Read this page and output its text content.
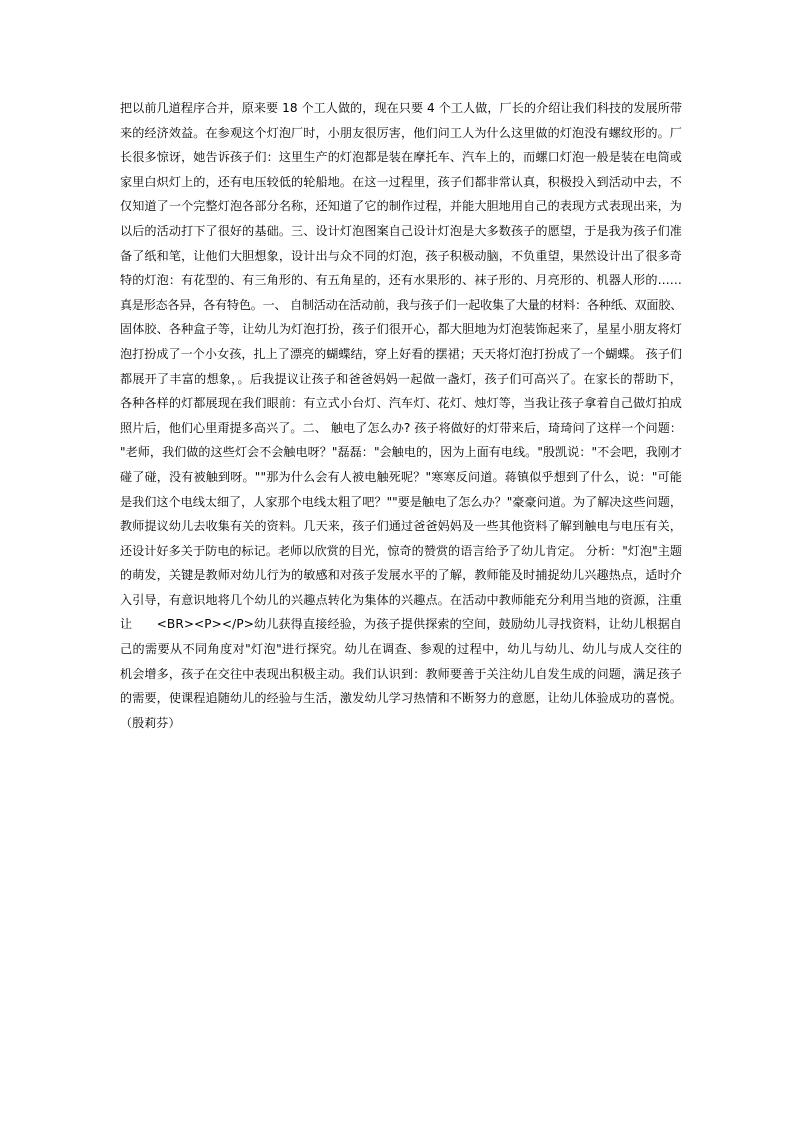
把以前几道程序合并，原来要 18 个工人做的，现在只要 4 个工人做，厂长的介绍让我们科技的发展所带
来的经济效益。在参观这个灯泡厂时，小朋友很厉害，他们问工人为什么这里做的灯泡没有螺纹形的。厂
长很多惊讶，她告诉孩子们：这里生产的灯泡都是装在摩托车、汽车上的，而螺口灯泡一般是装在电筒或
家里白炽灯上的，还有电压较低的轮船地。在这一过程里，孩子们都非常认真，积极投入到活动中去，不
仅知道了一个完整灯泡各部分名称，还知道了它的制作过程，并能大胆地用自己的表现方式表现出来，为
以后的活动打下了很好的基础。三、设计灯泡图案自己设计灯泡是大多数孩子的愿望，于是我为孩子们准
备了纸和笔，让他们大胆想象，设计出与众不同的灯泡，孩子积极动脑，不负重望，果然设计出了很多奇
特的灯泡：有花型的、有三角形的、有五角星的，还有水果形的、袜子形的、月亮形的、机器人形的……
真是形态各异，各有特色。一、 自制活动在活动前，我与孩子们一起收集了大量的材料：各种纸、双面胶、
固体胶、各种盒子等，让幼儿为灯泡打扮，孩子们很开心，都大胆地为灯泡装饰起来了，星星小朋友将灯
泡打扮成了一个小女孩，扎上了漂亮的蝴蝶结，穿上好看的摆裙；天天将灯泡打扮成了一个蝴蝶。 孩子们
都展开了丰富的想象，。后我提议让孩子和爸爸妈妈一起做一盏灯，孩子们可高兴了。在家长的帮助下，
各种各样的灯都展现在我们眼前：有立式小台灯、汽车灯、花灯、烛灯等，当我让孩子拿着自己做灯拍成
照片后，他们心里甭提多高兴了。二、 触电了怎么办? 孩子将做好的灯带来后，琦琦问了这样一个问题：
"老师，我们做的这些灯会不会触电呀？"磊磊："会触电的，因为上面有电线。"殷凯说："不会吧，我刚才
碰了碰，没有被触到呀。""那为什么会有人被电触死呢？"寒寒反问道。蒋镇似乎想到了什么，说："可能
是我们这个电线太细了，人家那个电线太粗了吧？""要是触电了怎么办？"豪豪问道。为了解决这些问题，
教师提议幼儿去收集有关的资料。几天来，孩子们通过爸爸妈妈及一些其他资料了解到触电与电压有关，
还设计好多关于防电的标记。老师以欣赏的目光，惊奇的赞赏的语言给予了幼儿肯定。 分析："灯泡"主题
的萌发，关键是教师对幼儿行为的敏感和对孩子发展水平的了解，教师能及时捕捉幼儿兴趣热点，适时介
入引导，有意识地将几个幼儿的兴趣点转化为集体的兴趣点。在活动中教师能充分利用当地的资源，注重
让　　<BR><P></P>幼儿获得直接经验，为孩子提供探索的空间，鼓励幼儿寻找资料，让幼儿根据自
己的需要从不同角度对"灯泡"进行探究。幼儿在调查、参观的过程中，幼儿与幼儿、幼儿与成人交往的
机会增多，孩子在交往中表现出积极主动。我们认识到：教师要善于关注幼儿自发生成的问题，满足孩子
的需要，使课程追随幼儿的经验与生活，激发幼儿学习热情和不断努力的意愿，让幼儿体验成功的喜悦。
（殷莉芬）
